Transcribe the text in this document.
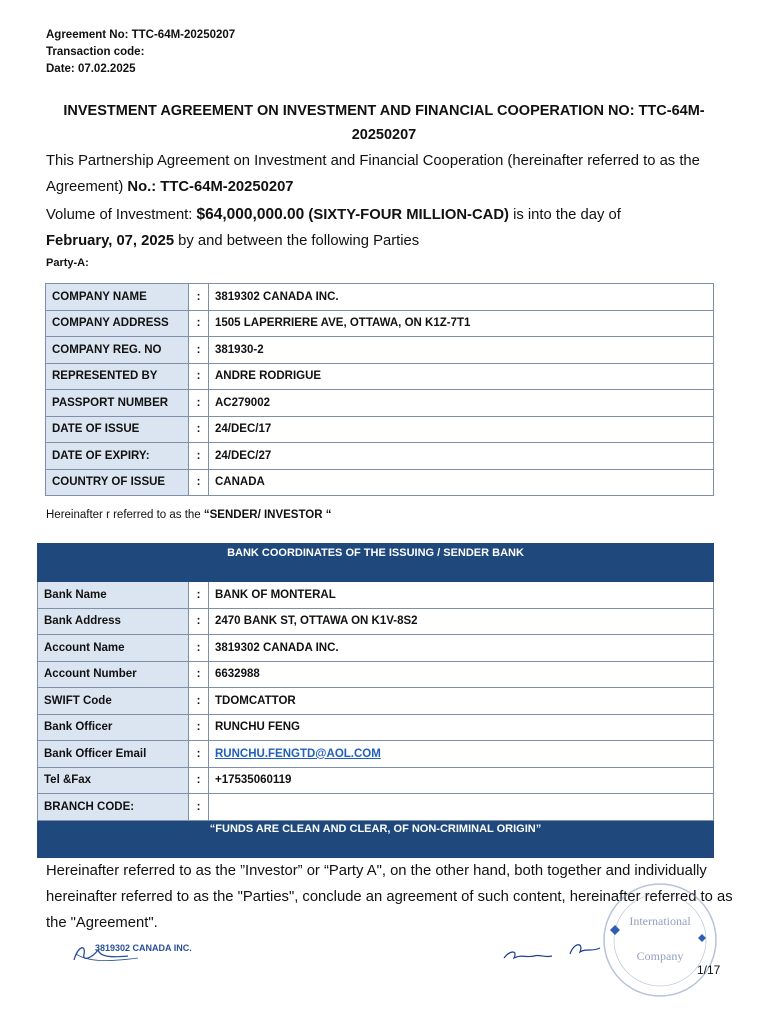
Agreement No: TTC-64M-20250207
Transaction code:
Date: 07.02.2025
INVESTMENT AGREEMENT ON INVESTMENT AND FINANCIAL COOPERATION NO: TTC-64M-20250207
This Partnership Agreement on Investment and Financial Cooperation (hereinafter referred to as the Agreement) No.: TTC-64M-20250207
Volume of Investment: $64,000,000.00 (SIXTY-FOUR MILLION-CAD) is into the day of
February, 07, 2025 by and between the following Parties
Party-A:
COMPANY NAME	:	3819302 CANADA INC.
COMPANY ADDRESS	:	1505 LAPERRIERE AVE, OTTAWA, ON K1Z-7T1
COMPANY REG. NO	:	381930-2
REPRESENTED BY	:	ANDRE RODRIGUE
PASSPORT NUMBER	:	AC279002
DATE OF ISSUE	:	24/DEC/17
DATE OF EXPIRY:	:	24/DEC/27
COUNTRY OF ISSUE	:	CANADA
Hereinafter r referred to as the “SENDER/ INVESTOR “
BANK COORDINATES OF THE ISSUING / SENDER BANK		
Bank Name	:	BANK OF MONTERAL
Bank Address	:	2470 BANK ST, OTTAWA ON K1V-8S2
Account Name	:	3819302 CANADA INC.
Account Number	:	6632988
SWIFT Code	:	TDOMCATTOR
Bank Officer	:	RUNCHU FENG
Bank Officer Email	:	RUNCHU.FENGTD@AOL.COM
Tel &Fax	:	+17535060119
BRANCH CODE:	:	
“FUNDS ARE CLEAN AND CLEAR, OF NON-CRIMINAL ORIGIN”		
Hereinafter referred to as the ”Investor” or “Party A", on the other hand, both together and individually hereinafter referred to as the "Parties", conclude an agreement of such content, hereinafter referred to as the "Agreement".
3819302 CANADA INC.
International
Company
1/17
